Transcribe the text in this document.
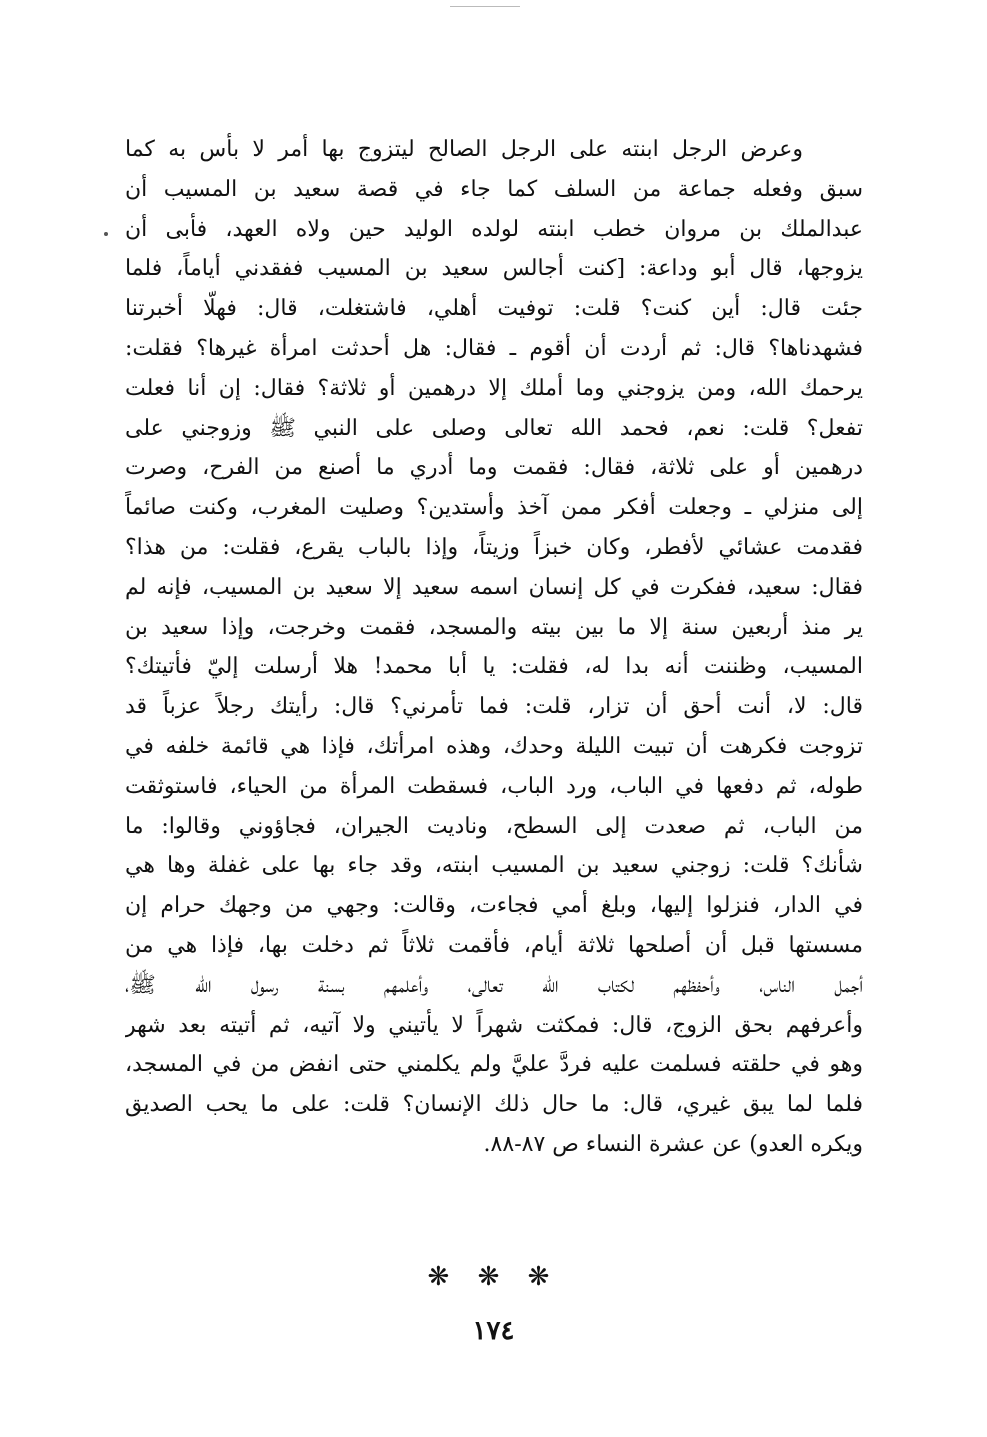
وعرض الرجل ابنته على الرجل الصالح ليتزوج بها أمر لا بأس به كما
سبق وفعله جماعة من السلف كما جاء في قصة سعيد بن المسيب أن
عبدالملك بن مروان خطب ابنته لولده الوليد حين ولاه العهد، فأبى أن
يزوجها، قال أبو وداعة: [كنت أجالس سعيد بن المسيب ففقدني أياماً، فلما
جئت قال: أين كنت؟ قلت: توفيت أهلي، فاشتغلت، قال: فهلّا أخبرتنا
فشهدناها؟ قال: ثم أردت أن أقوم ـ فقال: هل أحدثت امرأة غيرها؟ فقلت:
يرحمك الله، ومن يزوجني وما أملك إلا درهمين أو ثلاثة؟ فقال: إن أنا فعلت
تفعل؟ قلت: نعم، فحمد الله تعالى وصلى على النبي ﷺ وزوجني على
درهمين أو على ثلاثة، فقال: فقمت وما أدري ما أصنع من الفرح، وصرت
إلى منزلي ـ وجعلت أفكر ممن آخذ وأستدين؟ وصليت المغرب، وكنت صائماً
فقدمت عشائي لأفطر، وكان خبزاً وزيتاً، وإذا بالباب يقرع، فقلت: من هذا؟
فقال: سعيد، ففكرت في كل إنسان اسمه سعيد إلا سعيد بن المسيب، فإنه لم
ير منذ أربعين سنة إلا ما بين بيته والمسجد، فقمت وخرجت، وإذا سعيد بن
المسيب، وظننت أنه بدا له، فقلت: يا أبا محمد! هلا أرسلت إليّ فأتيتك؟
قال: لا، أنت أحق أن تزار، قلت: فما تأمرني؟ قال: رأيتك رجلاً عزباً قد
تزوجت فكرهت أن تبيت الليلة وحدك، وهذه امرأتك، فإذا هي قائمة خلفه في
طوله، ثم دفعها في الباب، ورد الباب، فسقطت المرأة من الحياء، فاستوثقت
من الباب، ثم صعدت إلى السطح، وناديت الجيران، فجاؤوني وقالوا: ما
شأنك؟ قلت: زوجني سعيد بن المسيب ابنته، وقد جاء بها على غفلة وها هي
في الدار، فنزلوا إليها، وبلغ أمي فجاءت، وقالت: وجهي من وجهك حرام إن
مسستها قبل أن أصلحها ثلاثة أيام، فأقمت ثلاثاً ثم دخلت بها، فإذا هي من
أجمل الناس، وأحفظهم لكتاب الله تعالى، وأعلمهم بسنة رسول الله ﷺ،
وأعرفهم بحق الزوج، قال: فمكثت شهراً لا يأتيني ولا آتيه، ثم أتيته بعد شهر
وهو في حلقته فسلمت عليه فردَّ عليَّ ولم يكلمني حتى انفض من في المسجد،
فلما لما يبق غيري، قال: ما حال ذلك الإنسان؟ قلت: على ما يحب الصديق
ويكره العدو) عن عشرة النساء ص ٨٧-٨٨.
❋ ❋ ❋
١٧٤
